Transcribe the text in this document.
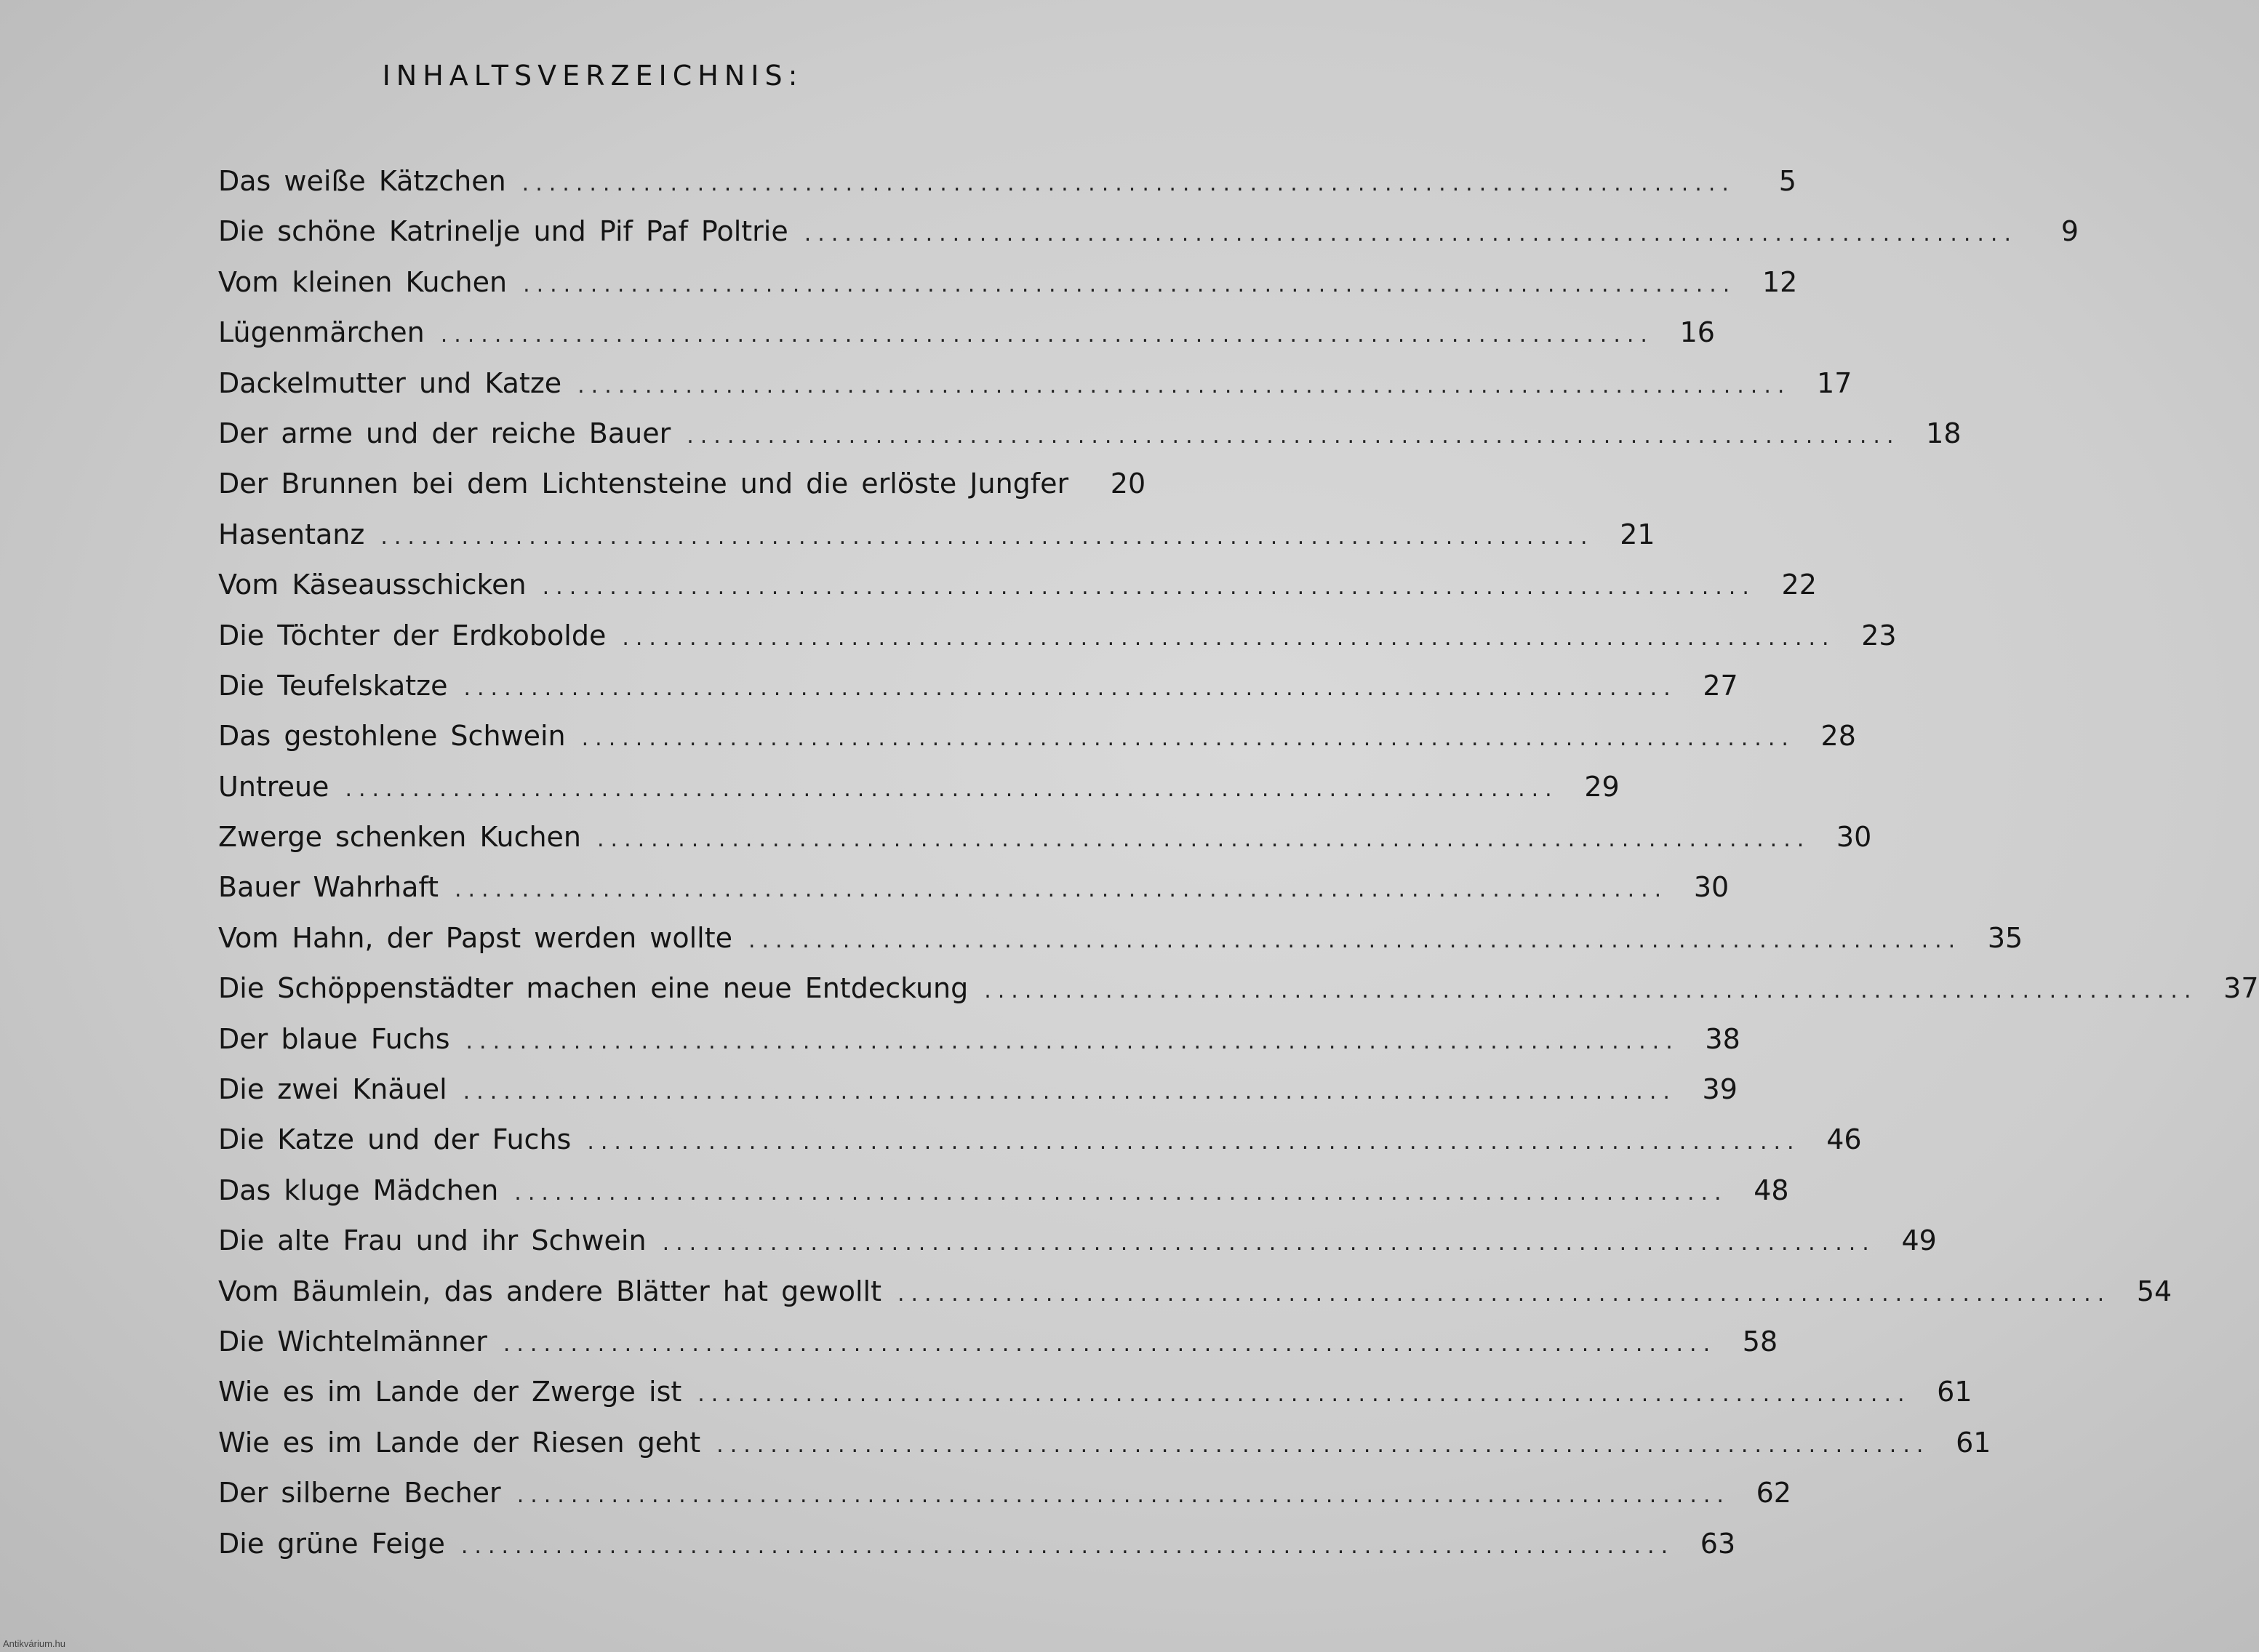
INHALTSVERZEICHNIS:
Das weiße Kätzchen ..........................................................................................	5
Die schöne Katrinelje und Pif Paf Poltrie ..........................................................................................	9
Vom kleinen Kuchen .......................................................................................... 12
Lügenmärchen .......................................................................................... 16
Dackelmutter und Katze .......................................................................................... 17
Der arme und der reiche Bauer .......................................................................................... 18
Der Brunnen bei dem Lichtensteine und die erlöste Jungfer	20
Hasentanz .......................................................................................... 21
Vom Käseausschicken .......................................................................................... 22
Die Töchter der Erdkobolde .......................................................................................... 23
Die Teufelskatze .......................................................................................... 27
Das gestohlene Schwein .......................................................................................... 28
Untreue .......................................................................................... 29
Zwerge schenken Kuchen .......................................................................................... 30
Bauer Wahrhaft .......................................................................................... 30
Vom Hahn, der Papst werden wollte .......................................................................................... 35
Die Schöppenstädter machen eine neue Entdeckung .......................................................................................... 37
Der blaue Fuchs .......................................................................................... 38
Die zwei Knäuel .......................................................................................... 39
Die Katze und der Fuchs .......................................................................................... 46
Das kluge Mädchen .......................................................................................... 48
Die alte Frau und ihr Schwein .......................................................................................... 49
Vom Bäumlein, das andere Blätter hat gewollt .......................................................................................... 54
Die Wichtelmänner .......................................................................................... 58
Wie es im Lande der Zwerge ist .......................................................................................... 61
Wie es im Lande der Riesen geht .......................................................................................... 61
Der silberne Becher .......................................................................................... 62
Die grüne Feige .......................................................................................... 63
Antikvárium.hu
